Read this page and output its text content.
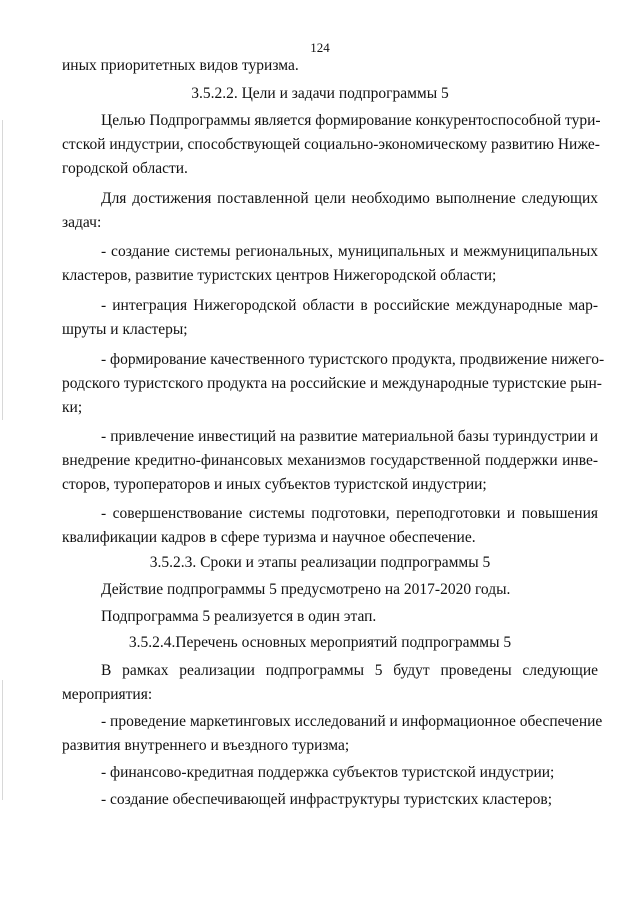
124
иных приоритетных видов туризма.
3.5.2.2. Цели и задачи подпрограммы 5
Целью Подпрограммы является формирование конкурентоспособной тури-
стской индустрии, способствующей социально-экономическому развитию Ниже-
городской области.
Для достижения поставленной цели необходимо выполнение следующих
задач:
- создание системы региональных, муниципальных и межмуниципальных
кластеров, развитие туристских центров Нижегородской области;
- интеграция Нижегородской области в российские международные мар-
шруты и кластеры;
- формирование качественного туристского продукта, продвижение нижего-
родского туристского продукта на российские и международные туристские рын-
ки;
- привлечение инвестиций на развитие материальной базы туриндустрии и
внедрение кредитно-финансовых механизмов государственной поддержки инве-
сторов, туроператоров и иных субъектов туристской индустрии;
- совершенствование системы подготовки, переподготовки и повышения
квалификации кадров в сфере туризма и научное обеспечение.
3.5.2.3. Сроки и этапы реализации подпрограммы 5
Действие подпрограммы 5 предусмотрено на 2017-2020 годы.
Подпрограмма 5 реализуется в один этап.
3.5.2.4.Перечень основных мероприятий подпрограммы 5
В рамках реализации подпрограммы 5 будут проведены следующие
мероприятия:
- проведение маркетинговых исследований и информационное обеспечение
развития внутреннего и въездного туризма;
- финансово-кредитная поддержка субъектов туристской индустрии;
- создание обеспечивающей инфраструктуры туристских кластеров;
